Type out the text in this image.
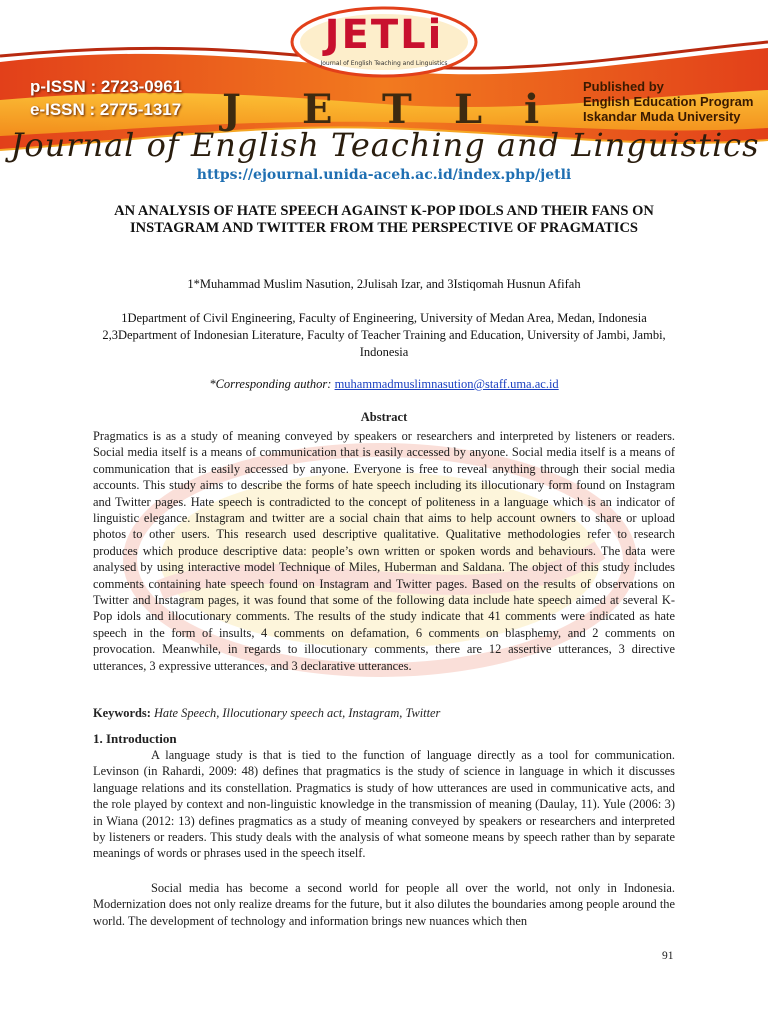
JETLi
Journal of English Teaching and Linguistics
p-ISSN : 2723-0961
e-ISSN : 2775-1317 J E T L i	Published by
English Education Program
Iskandar Muda University
Journal of English Teaching and Linguistics
https://ejournal.unida-aceh.ac.id/index.php/jetli
AN ANALYSIS OF HATE SPEECH AGAINST K-POP IDOLS AND THEIR FANS ON INSTAGRAM AND TWITTER FROM THE PERSPECTIVE OF PRAGMATICS
1*Muhammad Muslim Nasution, 2Julisah Izar, and 3Istiqomah Husnun Afifah
1Department of Civil Engineering, Faculty of Engineering, University of Medan Area, Medan, Indonesia
2,3Department of Indonesian Literature, Faculty of Teacher Training and Education, University of Jambi, Jambi, Indonesia
*Corresponding author: muhammadmuslimnasution@staff.uma.ac.id
Abstract
Pragmatics is as a study of meaning conveyed by speakers or researchers and interpreted by listeners or readers. Social media itself is a means of communication that is easily accessed by anyone. Social media itself is a means of communication that is easily accessed by anyone. Everyone is free to reveal anything through their social media accounts. This study aims to describe the forms of hate speech including its illocutionary form found on Instagram and Twitter pages. Hate speech is contradicted to the concept of politeness in a language which is an indicator of linguistic elegance. Instagram and twitter are a social chain that aims to help account owners to share or upload photos to other users. This research used descriptive qualitative. Qualitative methodologies refer to research produces which produce descriptive data: people’s own written or spoken words and behaviours. The data were analysed by using interactive model Technique of Miles, Huberman and Saldana. The object of this study includes comments containing hate speech found on Instagram and Twitter pages. Based on the results of observations on Twitter and Instagram pages, it was found that some of the following data include hate speech aimed at several K-Pop idols and illocutionary comments. The results of the study indicate that 41 comments were indicated as hate speech in the form of insults, 4 comments on defamation, 6 comments on blasphemy, and 2 comments on provocation. Meanwhile, in regards to illocutionary comments, there are 12 assertive utterances, 3 directive utterances, 3 expressive utterances, and 3 declarative utterances.
Keywords: Hate Speech, Illocutionary speech act, Instagram, Twitter
1. Introduction
A language study is that is tied to the function of language directly as a tool for communication. Levinson (in Rahardi, 2009: 48) defines that pragmatics is the study of science in language in which it discusses language relations and its constellation. Pragmatics is study of how utterances are used in communicative acts, and the role played by context and non-linguistic knowledge in the transmission of meaning (Daulay, 11). Yule (2006: 3) in Wiana (2012: 13) defines pragmatics as a study of meaning conveyed by speakers or researchers and interpreted by listeners or readers. This study deals with the analysis of what someone means by speech rather than by separate meanings of words or phrases used in the speech itself.
Social media has become a second world for people all over the world, not only in Indonesia. Modernization does not only realize dreams for the future, but it also dilutes the boundaries among people around the world. The development of technology and information brings new nuances which then
91
